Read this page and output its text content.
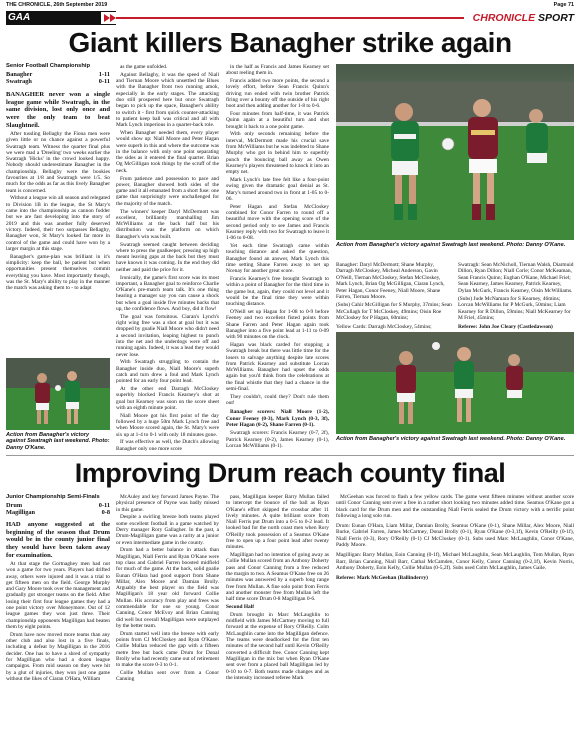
THE CHRONICLE, 26th September 2019	Page 71
GAA	CHRONICLE SPORT
Giant killers Banagher strike again

Senior Football Championship

Banagher	1-11
Swatragh	0-11

BANAGHER never won a single league game while Swatragh, in the same division, lost only once and were the only team to beat Slaughtneil.

After tussling Bellaghy the Fiona men were given little or no chance against a powerful Swatragh team. Witness the quarter final plus we were mad a 'Dreeling' two weeks earlier the Swatragh 'Hicks' in the crowd looked happy. Nobody should underestimate Banagher in the championship. Bellaghy were the bookies favourites at 1/8 and Swatragh were 1/5. So much for the odds as far as this lively Banagher team is concerned.

Without a league win all season and relegated to Division 1B in the league, the St Mary's came into the championship as cannon fodder but we are fast developing into the story of 2019 and this was another fully deserved victory. Indeed, their two surpasses Bellaghy, Banagher won, St Mary's looked far more in control of the game and could have won by a larger margin at this stage.

Banagher's game-plan was brilliant in it's simplicity: keep the ball, be patient but when opportunities present themselves commit everything you have. Most importantly though, was the St. Mary's ability to play in the manner the match was asking them to - to adapt

as the game unfolded.

Against Bellaghy, it was the speed of Niall and Tiernan Moore which unsettled the Blues with the Banagher front two running amok, especially in the early stages. The attacking duo still prospered here but once Swatragh began to pick up the space, Banagher's ability to switch it - first from quick counter-attacking to patient keep ball was critical and all with Mark Lynch imperious in a quarter-back role.

When Banagher needed them, every player would show up: Niall Moore and Peter Hagan were superb in this and where the outcome was in the balance with only one point separating the sides as it entered the final quarter. Brian Og McGilligan took things by the scruff of the neck.

From patience and possession to pace and power, Banagher showed both sides of the game and it all emanated from a short fuse: one game that surprisingly were unchallenged for the majority of the match.

The winners' keeper Daryl McDermott was excellent, brilliantly marshalling Jim McWilliams at the back half but his distribution was the platform on which Banagher's win was built.

Swatragh seemed caught between deciding where to press the goalkeeper, pressing up high meant leaving gaps at the back but they must have known it was coming. In the end they did neither and paid the price for it.

Ironically, the game's first score was its most important, a Banagher goal to reinforce Charlie O'Kane's pre-match team talk. It's one thing hearing a manager say you can cause a shock but when a goal inside five minutes backs that up, the confidence flows. And boy, did it flow!

The goal was fortuitous. Ciaran's Lynch's right wing free was a shot at goal but it was dropped by goalie Niall Moore who didn't need a second invitation, leaping highest to punch into the net and the underdogs were off and running again. Indeed, it was a lead they would never lose.

With Swatragh struggling to contain the Banagher inside duo, Niall Moore's superb catch and turn drew a foul and Mark Lynch pointed for an early four point lead.

At the other end Darragh McCloskey superbly blocked Francis Kearney's shot at goal but Kearney was soon on the score sheet with an eighth minute point.

Niall Moore got his first point of the day followed by a huge 50m Mark Lynch free and when Moore scored again, the St. Mary's were six up at 1-4 to 0-1 with only 18 minutes gone.

If was effective as well, the Dutch's allowing Banagher only one more score

in the half as Francis and James Kearney set about reeling them in.

Francis added two more points, the second a lovely effort, before Sean Francis Quinn's driving run ended with twin brother Patrick firing over a bounty off the outside of his right boot and then adding another for 1-8 to 0-6.

Four minutes from half-time, it was Patrick Quinn again at a beautiful turn and shot brought it back to a one point game.

With only seconds remaining before the interval, McDermott made his crucial save from McWilliams but he was indebted to Shane Murphy who got in behind him to superbly punch the bouncing ball away as Owen Kearney's players threatened to knock it into an empty net.

Mark Lynch's late free felt like a four-point swing given the dramatic goal denial as St. Mary's turned around two in front at 1-05 to 0-06.

Peter Hagan and Stefan McCloskey combined for Conor Farren to round off a beautiful move with the opening score of the second period only to see James and Francis Kearney reply with two for Swatragh to leave it 1-06 to 0-08.

Yet each time Swatragh came within touching distance and asked the question, Banagher found an answer, Mark Lynch this time setting Shane Farren away to net up Ncenay for another great score.

Francis Kearney's free brought Swatragh to within a point of Banagher for the third time in the game but, again, they could not level and it would be the final time they were within touching distance.

O'Neill set up Hagan for 1-08 to 0-9 before Feeney and two excellent fisted points from Shane Farren and Peter Hagan again took Banagher into a five point lead at 1-11 to 0-09 with 90 minutes on the clock.

Hagan was black carded for stopping a Swatragh break but there was little time for the losers to salvage anything despite late scores from Patrick Kearney and substitute Lorcan McWilliams. Banagher had upset the odds again but you'd think from the celebrations at the final whistle that they had a chance in the semi-final.

They couldn't, could they? Don't rule them out!

Banagher scorers: Niall Moore (1-2), Conor Feeney (0-3), Mark Lynch (0-3, 3f), Peter Hagan (0-2), Shane Farren (0-1).

Swatragh scorers: Francis Kearney (0-7, 2f), Patrick Kearney (0-2), James Kearney (0-1), Lorcan McWilliams (0-1).

Action from Banagher's victory against Swatragh last weekend. Photo: Danny O'Kane.

Banagher: Daryl McDermott; Shane Murphy, Darragh McCloskey, Micheal Anderson, Gavin O'Neill, Tiernan McCloskey, Stefan McCloskey, Mark Lynch, Brian Og McGilligan, Ciaran Lynch, Peter Hagan, Conor Feeney, Niall Moore, Shane Farren, Tiernan Moore.

(Subs) Cahir McGilligan for S Murphy, 37mins; Sean McCullagh for T McCloskey, 49mins; Oisin Roe McCloskey for P Hagan, 60mins;

Yellow Cards: Darragh McCloskey, 54mins;

Swatragh: Sean McNicholl, Tiernan Walsh, Diarmuid Dillon, Ryan Dillon; Niall Corle; Conor McKeaman, Sean Francis Quinn; Eoghan O'Kane, Michael Friel; Sean Kearney, James Kearney, Patrick Kearney, Dylan McGurk, Francis Kearney, Oisin McWilliams.

(Subs) Jude McNamara for S Kearney, 46mins; Lorcan McWilliams for P McGurk, 50mins; Liam Kearney for R Dillon, 59mins; Niall McKearney for M Friel, 45mins;

Referee: John Joe Cleary (Castledawson)

Action from Banagher's victory against Swatragh last weekend. Photo: Danny O'Kane.
Action from Banagher's victory against Swatragh last weekend. Photo: Danny O'Kane.
Improving Drum reach county final

Junior Championship Semi-Finals

Drum	0-11
Magilligan	0-8

HAD anyone suggested at the beginning of the season that Drum would be in the county junior final they would have been taken away for examination.

At that stage the Gortnaghey men had not won a game for two years. Players had drifted away, others were injured and it was a trial to get fifteen men on the field. George Murphy and Gary Moore took over the management and gradually got stronger teams on the field. After losing their first four league games they had a one point victory over Moneymore. Out of 12 league games they won just three. Their championship opponents Magilligan had beaten them by eight points.

Drum have now moved more teams than any other club and also lost in a five finals, including a defeat by Magilligan in the 2016 decider. One has to have a shred of sympathy for Magilligan who had a dozen league campaigns. From mid season on they were hit by a glut of injuries, they won just one game without the likes of Ciaran O'Hara, William

McAuley and key forward James Payne. The physical presence of Payne was badly missed in this game.

Despite a swirling breeze both teams played some excellent football in a game watched by Derry manager Rory Gallagher. In the past, a Drum-Magilligan game was a rarity at a junior or even intermediate game in the county.

Drum had a better balance in attack than Magilligan, Niall Ferris and Ryan O'Kane were top class and Gabriel Farren boosted midfield for much of the game. At the back, solid goalie Eunan O'Hara had good support from Shane Millar, Alex Moore and Damian Brolly. Arguably the best player on the field was Magilligan's 18 year old forward Collie Mullan. His accuracy from play and frees was commendable for one so young. Conor Canning, Conor McEvoy and Brian Canning did well but overall Magilligan were outplayed by the better team.

Drum started well into the breeze with early points from CJ McCloskey and Ryan O'Kane. Collie Mullan reduced the gap with a fifteen metre free but back came Drum for Donal Brolly who had recently came out of retirement to make the score 0-3 to 0-1.

Collie Mullan sent over from a Conor Canning

pass, Magilligan keeper Barry Mullan failed to intercept the bounce of the ball as Ryan O'Kane's effort skipped the crossbar after 11 lively minutes. A quite brilliant score from Niall Ferris put Drum into a 0-5 to 0-2 lead. It looked bad for the north coast men when Rory O'Reilly took possession of a Seamus O'Kane free to open up a four point lead after twenty minutes.

Magilligan had no intention of going away as Collie Mullan scored from an Anthony Doherty pass and Conor Canning from a free reduced the margin to two. A Seamus O'Kane free on 26 minutes was answered by a superb long range free from Mullan. A fine solo point from Ferris and another monster free from Mullan left the half time score Drum 0-8 Magilligan 0-6.

Second Half

Drum brought in Marc McLaughlin to midfield with James McCartney moving to full forward at the expense of Rory O'Reilly. Colm McLaughlin came into the Magilligan defence. The teams were deadlocked for the first ten minutes of the second half until Kevin O'Reilly converted a difficult free. Conor Canning kept Magilligan in the mix but when Ryan O'Kane sent over from a placed ball Magilligan led by 0-10 to 0-7. Both teams made changes and as the intensity increased referee Mark

McGeehan was forced to flash a few yellow cards. The game went fifteen minutes without another score until Conor Canning sent over a free in a rather short looking two minutes added time. Seamus O'Kane got a black card for the Drum men and the outstanding Niall Ferris sealed the Drum victory with a terrific point following a long solo run.

Drum: Eunan O'Hara, Liam Millar, Damian Brolly, Seamus O'Kane (0-1), Shane Millar, Alex Moore, Niall Burke, Gabriel Farren, James McCartney, Donal Brolly (0-1), Ryan O'Kane (0-3,1f), Kevin O'Reilly (0-1f), Niall Ferris (0-3), Rory O'Reilly (0-1) CJ McCloskey (0-1). Subs used Marc McLaughlin, Conor O'Kane, Paddy Moore.

Magilligan: Barry Mullan, Eoin Canning (0-1f), Michael McLaughlin, Sean McLaughlin, Tom Mullan, Ryan Barr, Brian Canning, Niall Barr, Cathal McCamden, Conor Kelly, Conor Canning (0-2,1f), Kevin Norris, Anthony Doherty, Eoin Kelly, Collie Mullan (0-5,2f). Subs used Colm McLaughlin, James Gaile.

Referee: Mark McGeehan (Ballinderry)
